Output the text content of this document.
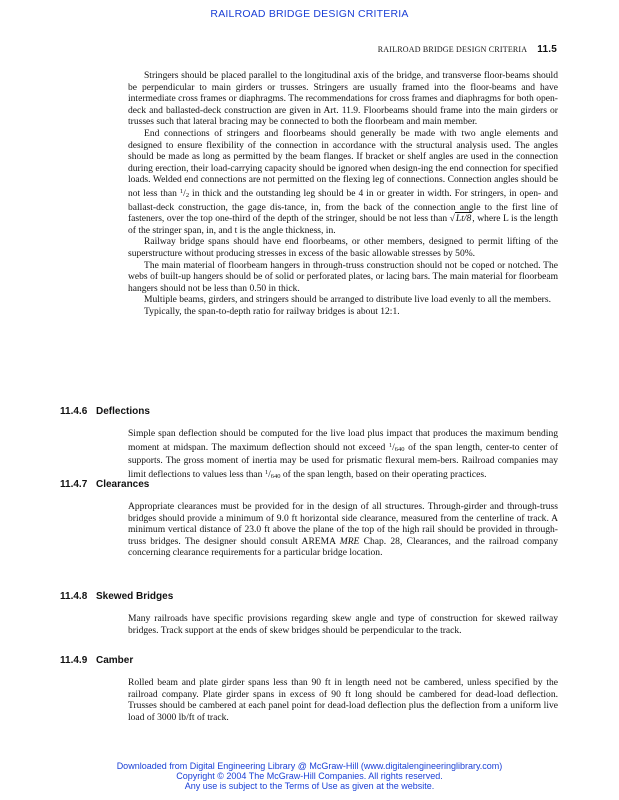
RAILROAD BRIDGE DESIGN CRITERIA
RAILROAD BRIDGE DESIGN CRITERIA 11.5

Stringers should be placed parallel to the longitudinal axis of the bridge, and transverse floor-beams should be perpendicular to main girders or trusses. Stringers are usually framed into the floor-beams and have intermediate cross frames or diaphragms. The recommendations for cross frames and diaphragms for both open-deck and ballasted-deck construction are given in Art. 11.9. Floorbeams should frame into the main girders or trusses such that lateral bracing may be connected to both the floorbeam and main member.

End connections of stringers and floorbeams should generally be made with two angle elements and designed to ensure flexibility of the connection in accordance with the structural analysis used. The angles should be made as long as permitted by the beam flanges. If bracket or shelf angles are used in the connection during erection, their load-carrying capacity should be ignored when design-ing the end connection for specified loads. Welded end connections are not permitted on the flexing leg of connections. Connection angles should be not less than $^1$/2 in thick and the outstanding leg should be 4 in or greater in width. For stringers, in open- and ballast-deck construction, the gage dis-tance, in, from the back of the connection angle to the first line of fasteners, over the top one-third of the depth of the stringer, should be not less than √Lt/8, where L is the length of the stringer span, in, and t is the angle thickness, in.

Railway bridge spans should have end floorbeams, or other members, designed to permit lifting of the superstructure without producing stresses in excess of the basic allowable stresses by 50%.

The main material of floorbeam hangers in through-truss construction should not be coped or notched. The webs of built-up hangers should be of solid or perforated plates, or lacing bars. The main material for floorbeam hangers should not be less than 0.50 in thick.

Multiple beams, girders, and stringers should be arranged to distribute live load evenly to all the members.

Typically, the span-to-depth ratio for railway bridges is about 12:1.

11.4.6 Deflections

Simple span deflection should be computed for the live load plus impact that produces the maximum bending moment at midspan. The maximum deflection should not exceed $^1$/640 of the span length, center-to center of supports. The gross moment of inertia may be used for prismatic flexural mem-bers. Railroad companies may limit deflections to values less than $^1$/640 of the span length, based on their operating practices.

11.4.7 Clearances

Appropriate clearances must be provided for in the design of all structures. Through-girder and through-truss bridges should provide a minimum of 9.0 ft horizontal side clearance, measured from the centerline of track. A minimum vertical distance of 23.0 ft above the plane of the top of the high rail should be provided in through-truss bridges. The designer should consult AREMA MRE Chap. 28, Clearances, and the railroad company concerning clearance requirements for a particular bridge location.

11.4.8 Skewed Bridges

Many railroads have specific provisions regarding skew angle and type of construction for skewed railway bridges. Track support at the ends of skew bridges should be perpendicular to the track.

11.4.9 Camber

Rolled beam and plate girder spans less than 90 ft in length need not be cambered, unless specified by the railroad company. Plate girder spans in excess of 90 ft long should be cambered for dead-load deflection. Trusses should be cambered at each panel point for dead-load deflection plus the deflection from a uniform live load of 3000 lb/ft of track.

Downloaded from Digital Engineering Library @ McGraw-Hill (www.digitalengineeringlibrary.com)
Copyright © 2004 The McGraw-Hill Companies. All rights reserved.
Any use is subject to the Terms of Use as given at the website.
